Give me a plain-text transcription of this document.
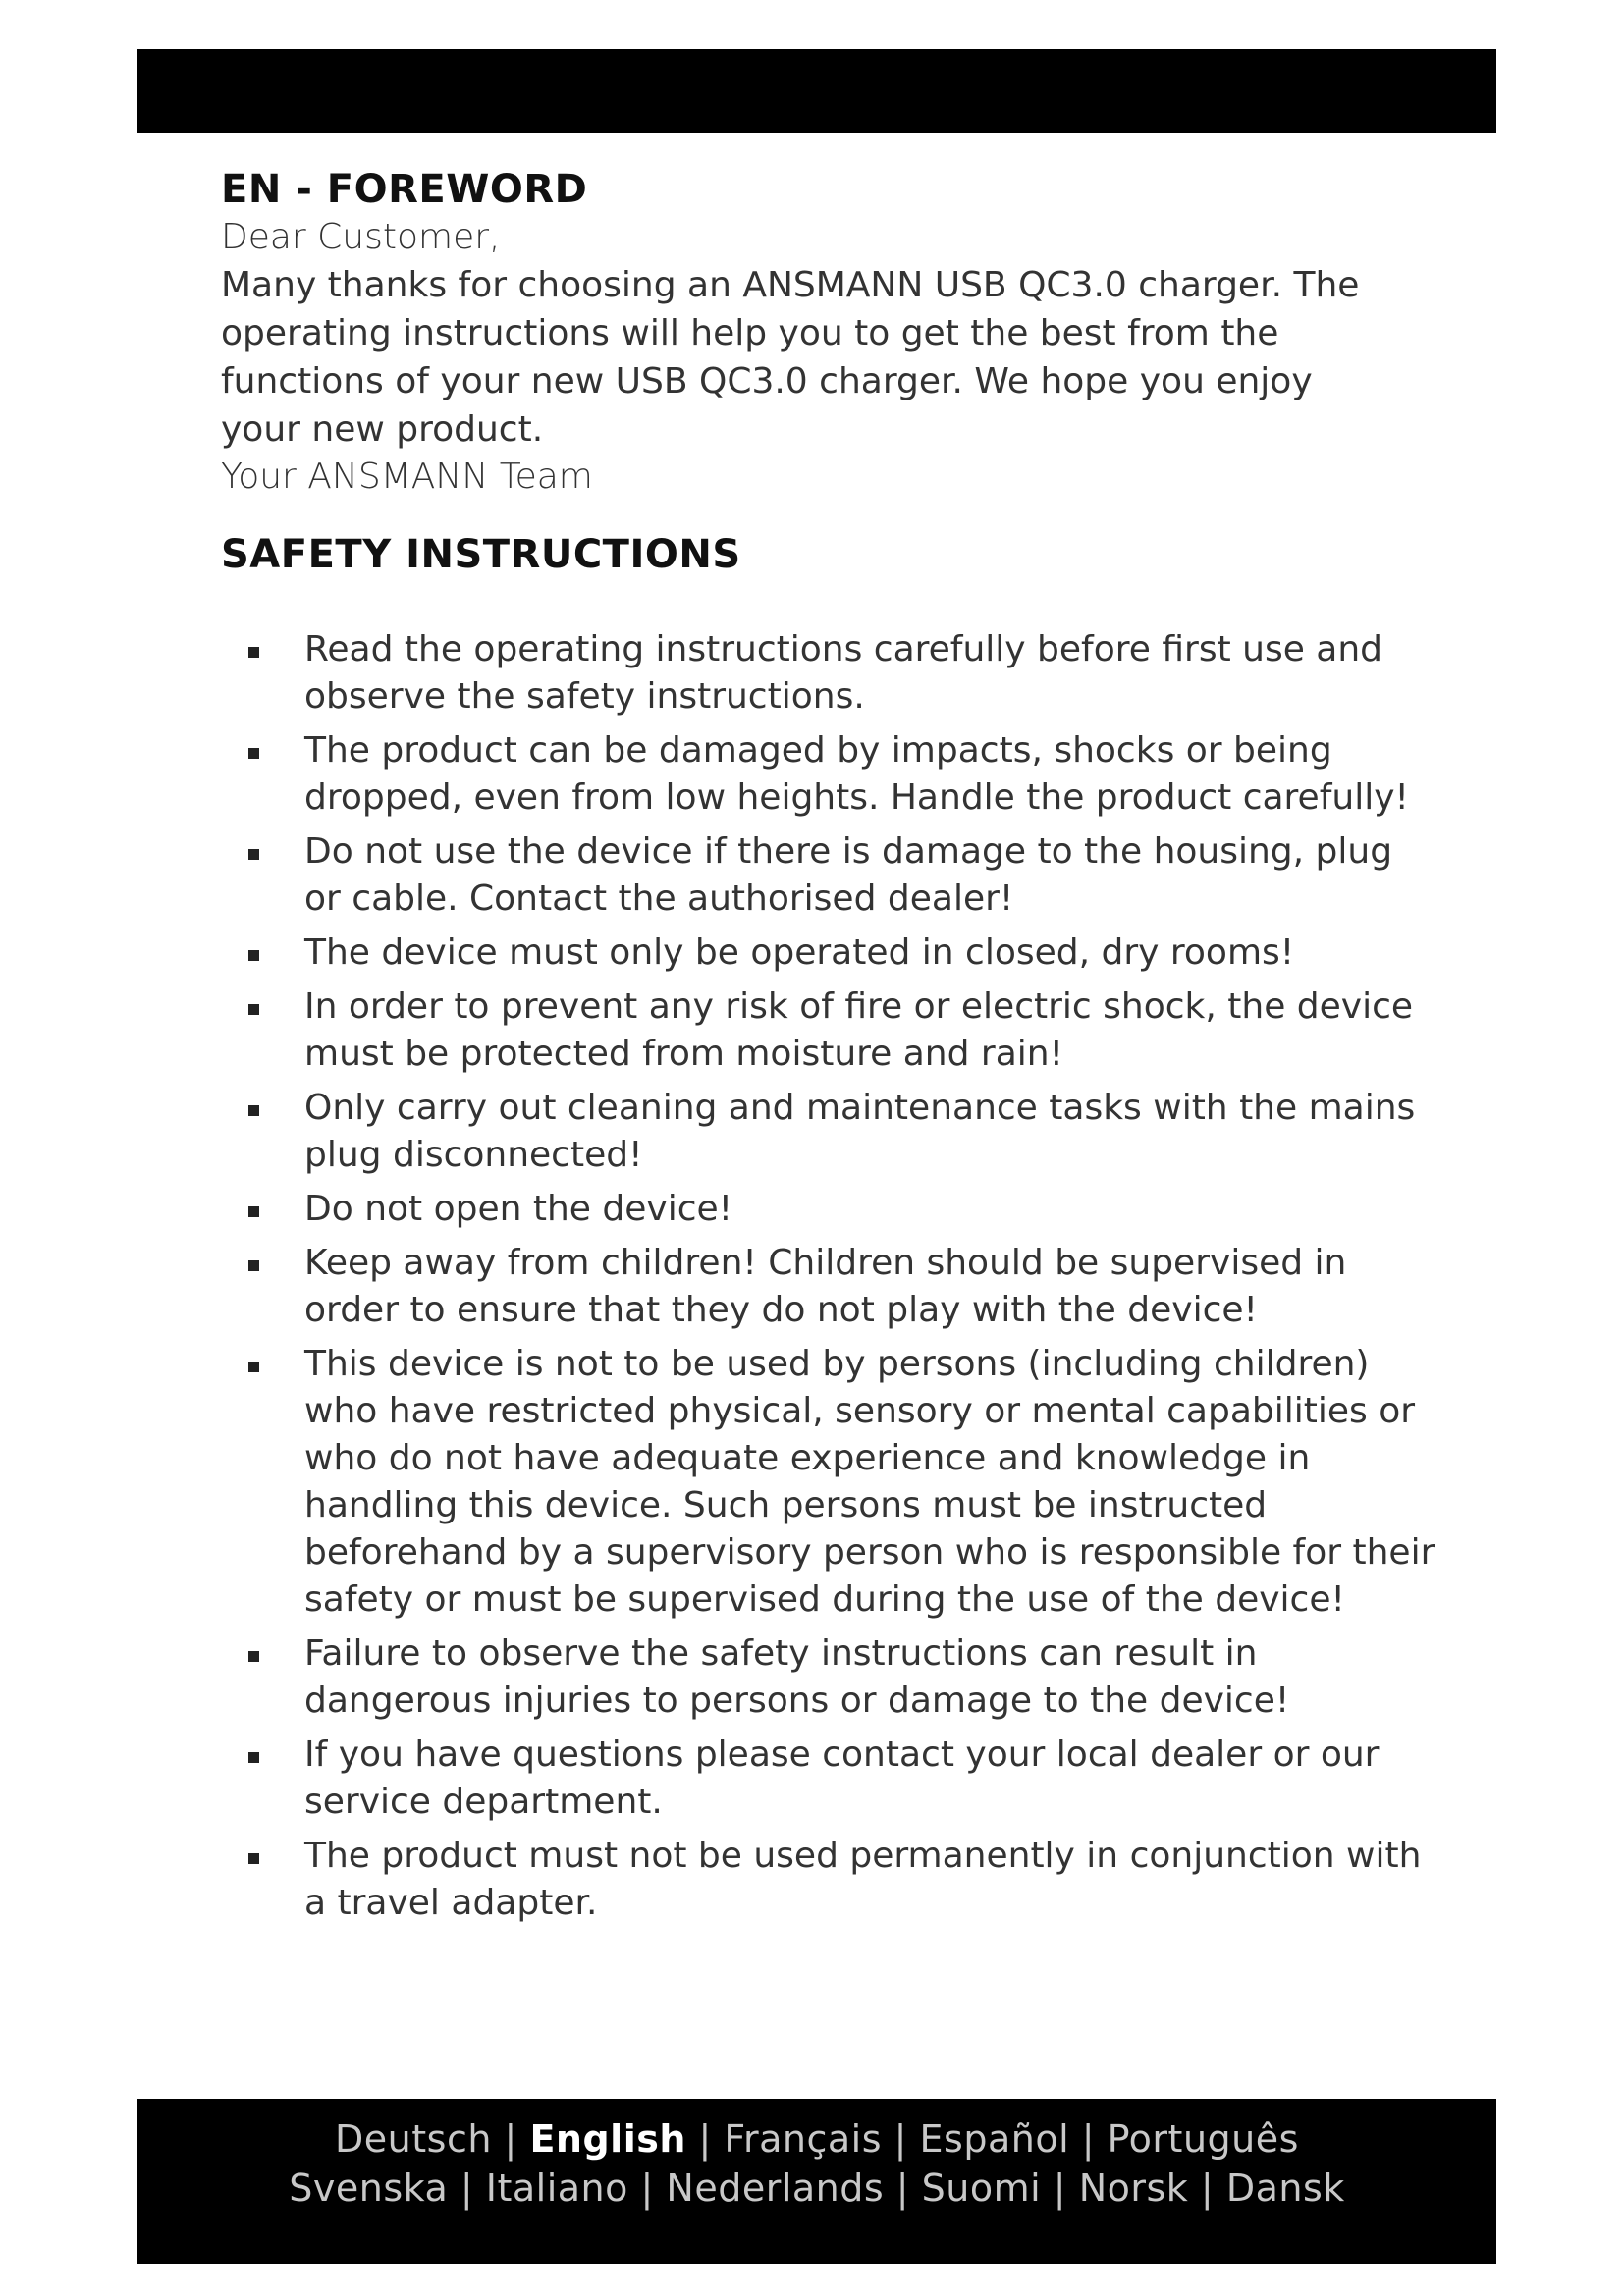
EN - FOREWORD

Dear Customer,

Many thanks for choosing an ANSMANN USB QC3.0 charger. The operating instructions will help you to get the best from the functions of your new USB QC3.0 charger. We hope you enjoy your new product.

Your ANSMANN Team

SAFETY INSTRUCTIONS
Read the operating instructions carefully before first use and observe the safety instructions.
The product can be damaged by impacts, shocks or being dropped, even from low heights. Handle the product carefully!
Do not use the device if there is damage to the housing, plug or cable. Contact the authorised dealer!
The device must only be operated in closed, dry rooms!
In order to prevent any risk of fire or electric shock, the device must be protected from moisture and rain!
Only carry out cleaning and maintenance tasks with the mains plug disconnected!
Do not open the device!
Keep away from children! Children should be supervised in order to ensure that they do not play with the device!
This device is not to be used by persons (including children) who have restricted physical, sensory or mental capabilities or who do not have adequate experience and knowledge in handling this device. Such persons must be instructed beforehand by a supervisory person who is responsible for their safety or must be supervised during the use of the device!
Failure to observe the safety instructions can result in dangerous injuries to persons or damage to the device!
If you have questions please contact your local dealer or our service department.
The product must not be used permanently in conjunction with a travel adapter.
Deutsch | English | Français | Español | Português
Svenska | Italiano | Nederlands | Suomi | Norsk | Dansk
